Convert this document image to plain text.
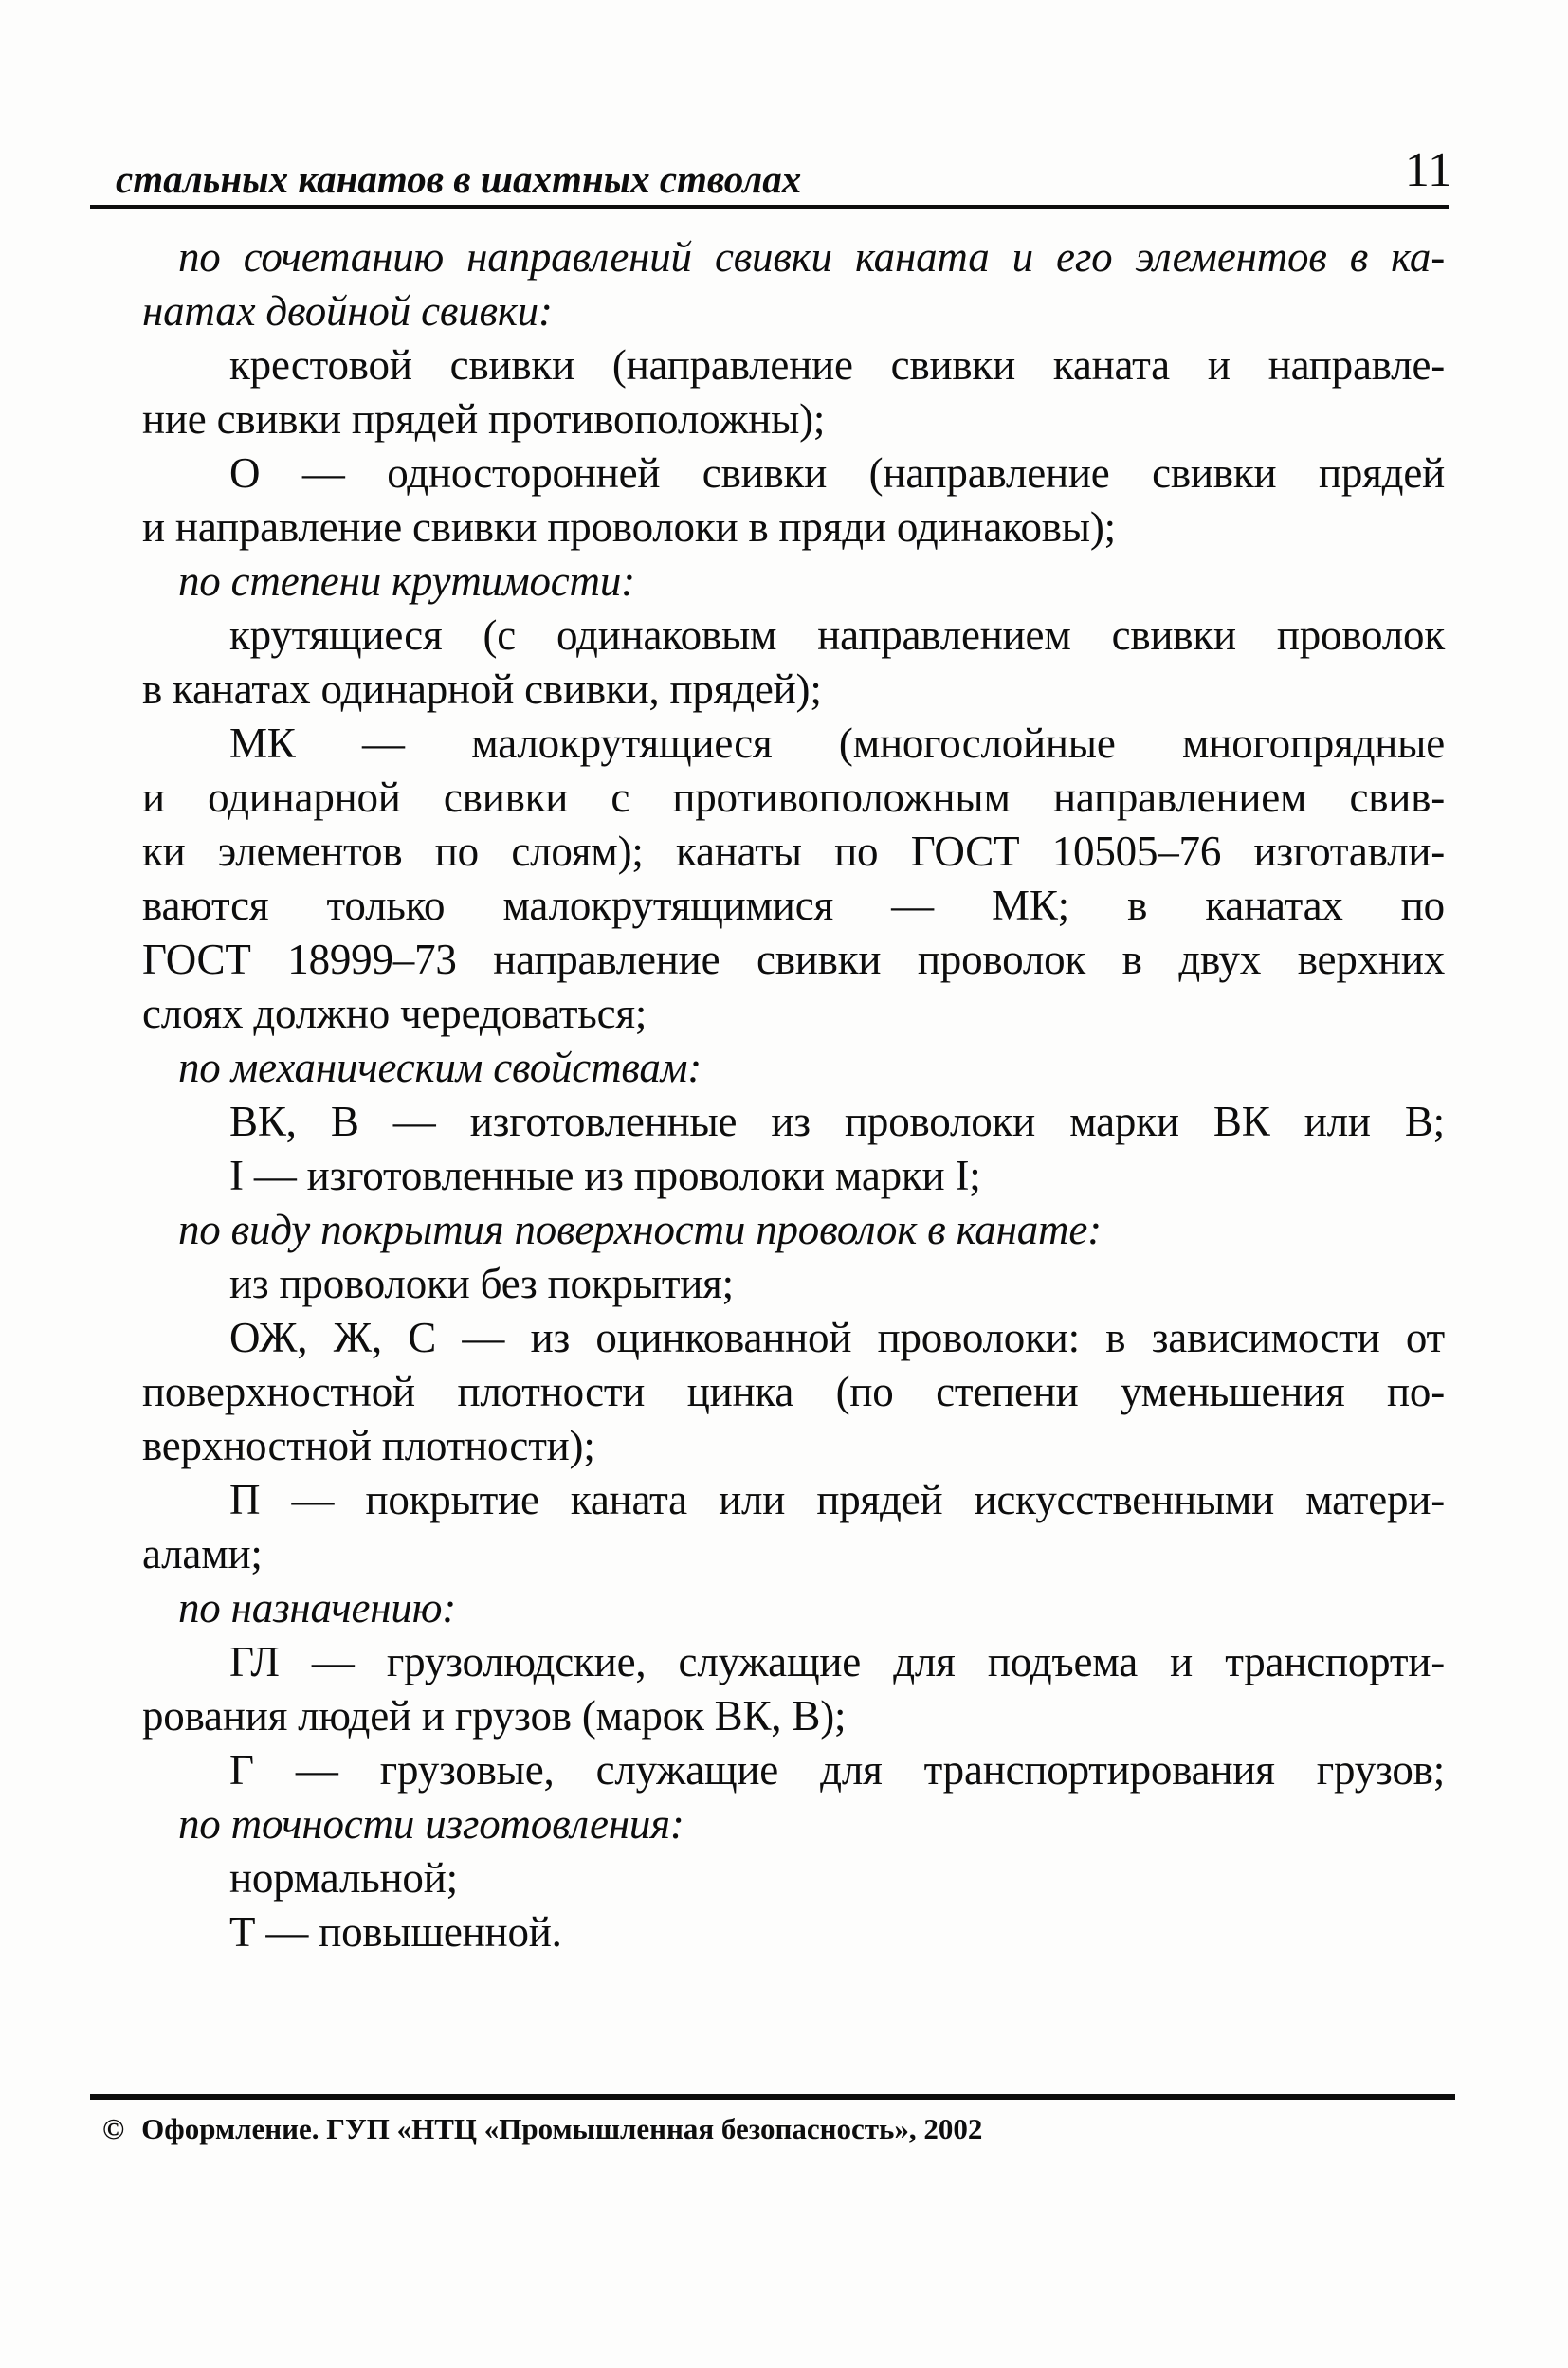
стальных канатов в шахтных стволах	11
по сочетанию направлений свивки каната и его элементов в ка-
натах двойной свивки:
крестовой свивки (направление свивки каната и направле-
ние свивки прядей противоположны);
О — односторонней свивки (направление свивки прядей
и направление свивки проволоки в пряди одинаковы);
по степени крутимости:
крутящиеся (с одинаковым направлением свивки проволок
в канатах одинарной свивки, прядей);
МК — малокрутящиеся (многослойные многопрядные
и одинарной свивки с противоположным направлением свив-
ки элементов по слоям); канаты по ГОСТ 10505–76 изготавли-
ваются только малокрутящимися — МК; в канатах по
ГОСТ 18999–73 направление свивки проволок в двух верхних
слоях должно чередоваться;
по механическим свойствам:
ВК, В — изготовленные из проволоки марки ВК или В;
I — изготовленные из проволоки марки I;
по виду покрытия поверхности проволок в канате:
из проволоки без покрытия;
ОЖ, Ж, С — из оцинкованной проволоки: в зависимости от
поверхностной плотности цинка (по степени уменьшения по-
верхностной плотности);
П — покрытие каната или прядей искусственными матери-
алами;
по назначению:
ГЛ — грузолюдские, служащие для подъема и транспорти-
рования людей и грузов (марок ВК, В);
Г — грузовые, служащие для транспортирования грузов;
по точности изготовления:
нормальной;
Т — повышенной.
© Оформление. ГУП «НТЦ «Промышленная безопасность», 2002
